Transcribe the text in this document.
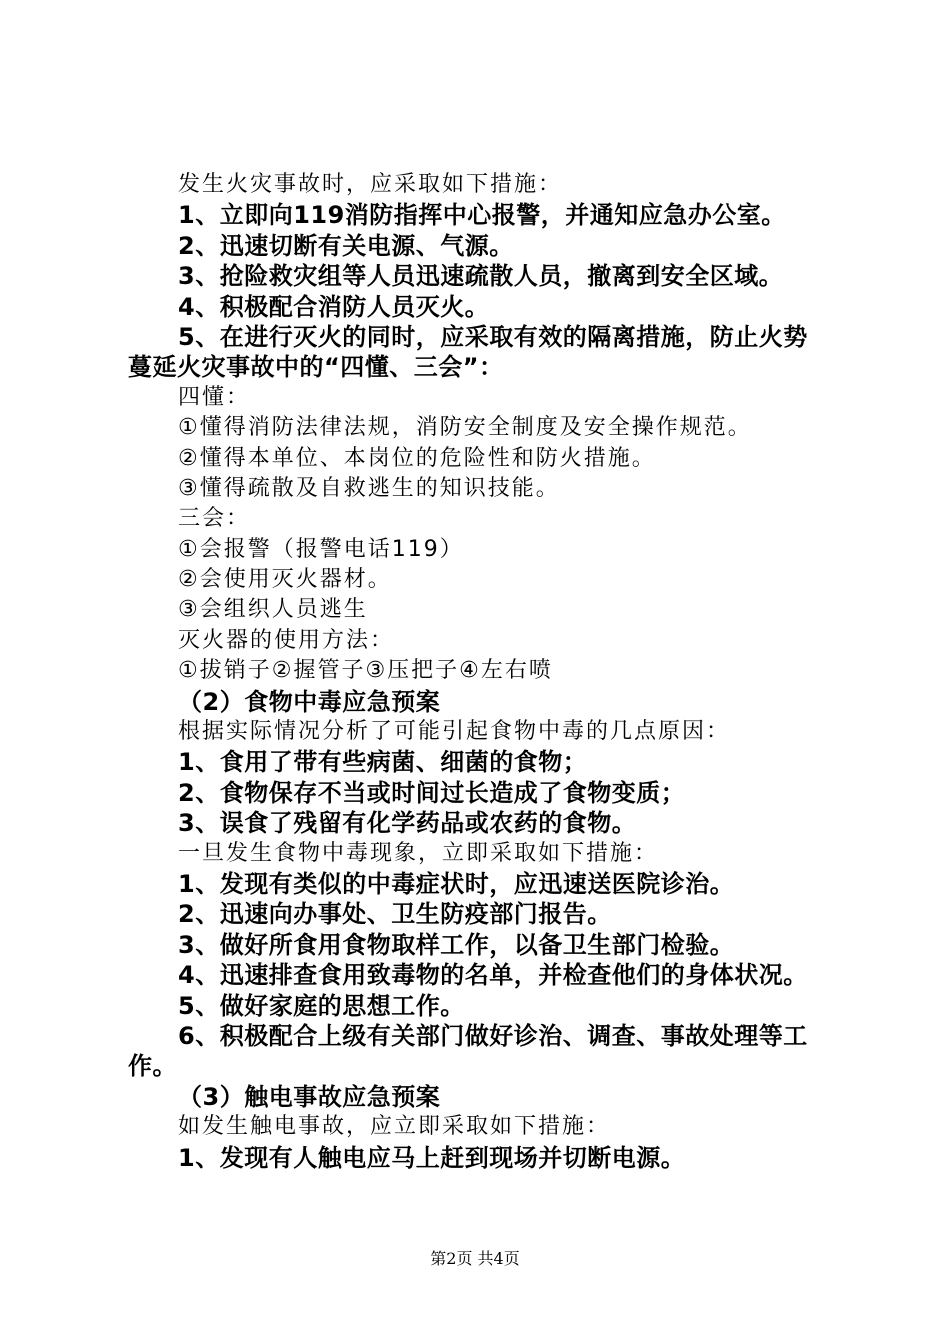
发生火灾事故时，应采取如下措施：
1、立即向119消防指挥中心报警，并通知应急办公室。
2、迅速切断有关电源、气源。
3、抢险救灾组等人员迅速疏散人员，撤离到安全区域。
4、积极配合消防人员灭火。
5、在进行灭火的同时，应采取有效的隔离措施，防止火势
蔓延火灾事故中的“四懂、三会”：
四懂：
①懂得消防法律法规，消防安全制度及安全操作规范。
②懂得本单位、本岗位的危险性和防火措施。
③懂得疏散及自救逃生的知识技能。
三会：
①会报警（报警电话119）
②会使用灭火器材。
③会组织人员逃生
灭火器的使用方法：
①拔销子②握管子③压把子④左右喷
（2）食物中毒应急预案
根据实际情况分析了可能引起食物中毒的几点原因：
1、食用了带有些病菌、细菌的食物；
2、食物保存不当或时间过长造成了食物变质；
3、误食了残留有化学药品或农药的食物。
一旦发生食物中毒现象，立即采取如下措施：
1、发现有类似的中毒症状时，应迅速送医院诊治。
2、迅速向办事处、卫生防疫部门报告。
3、做好所食用食物取样工作，以备卫生部门检验。
4、迅速排查食用致毒物的名单，并检查他们的身体状况。
5、做好家庭的思想工作。
6、积极配合上级有关部门做好诊治、调查、事故处理等工
作。
（3）触电事故应急预案
如发生触电事故，应立即采取如下措施：
1、发现有人触电应马上赶到现场并切断电源。
第2页 共4页
